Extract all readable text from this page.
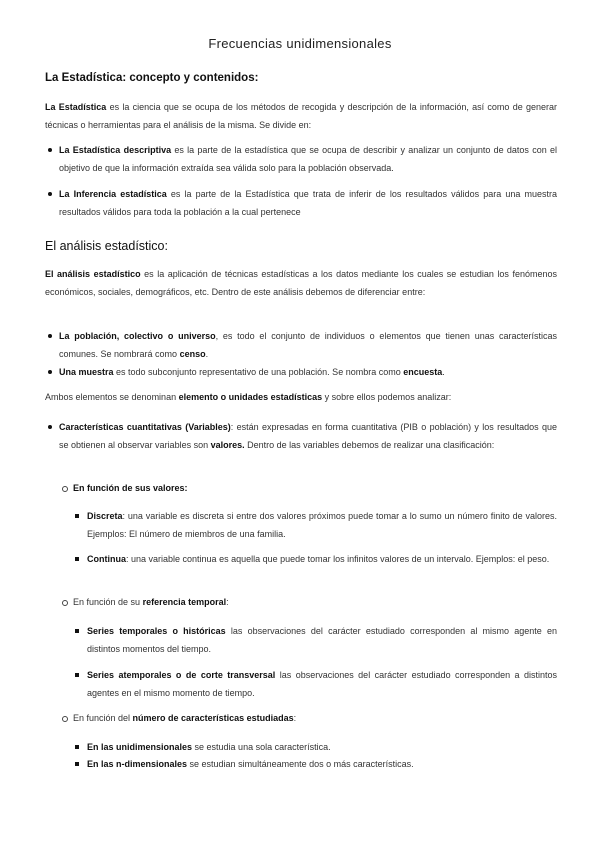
Frecuencias unidimensionales
La Estadística: concepto y contenidos:
La Estadística es la ciencia que se ocupa de los métodos de recogida y descripción de la información, así como de generar técnicas o herramientas para el análisis de la misma. Se divide en:
La Estadística descriptiva es la parte de la estadística que se ocupa de describir y analizar un conjunto de datos con el objetivo de que la información extraída sea válida solo para la población observada.
La Inferencia estadística es la parte de la Estadística que trata de inferir de los resultados válidos para una muestra resultados válidos para toda la población a la cual pertenece
El análisis estadístico:
El análisis estadístico es la aplicación de técnicas estadísticas a los datos mediante los cuales se estudian los fenómenos económicos, sociales, demográficos, etc. Dentro de este análisis debemos de diferenciar entre:
La población, colectivo o universo, es todo el conjunto de individuos o elementos que tienen unas características comunes. Se nombrará como censo.
Una muestra es todo subconjunto representativo de una población. Se nombra como encuesta.
Ambos elementos se denominan elemento o unidades estadísticas y sobre ellos podemos analizar:
Características cuantitativas (Variables): están expresadas en forma cuantitativa (PIB o población) y los resultados que se obtienen al observar variables son valores. Dentro de las variables debemos de realizar una clasificación:
En función de sus valores:
Discreta: una variable es discreta si entre dos valores próximos puede tomar a lo sumo un número finito de valores. Ejemplos: El número de miembros de una familia.
Continua: una variable continua es aquella que puede tomar los infinitos valores de un intervalo. Ejemplos: el peso.
En función de su referencia temporal:
Series temporales o históricas las observaciones del carácter estudiado corresponden al mismo agente en distintos momentos del tiempo.
Series atemporales o de corte transversal las observaciones del carácter estudiado corresponden a distintos agentes en el mismo momento de tiempo.
En función del número de características estudiadas:
En las unidimensionales se estudia una sola característica.
En las n-dimensionales se estudian simultáneamente dos o más características.
